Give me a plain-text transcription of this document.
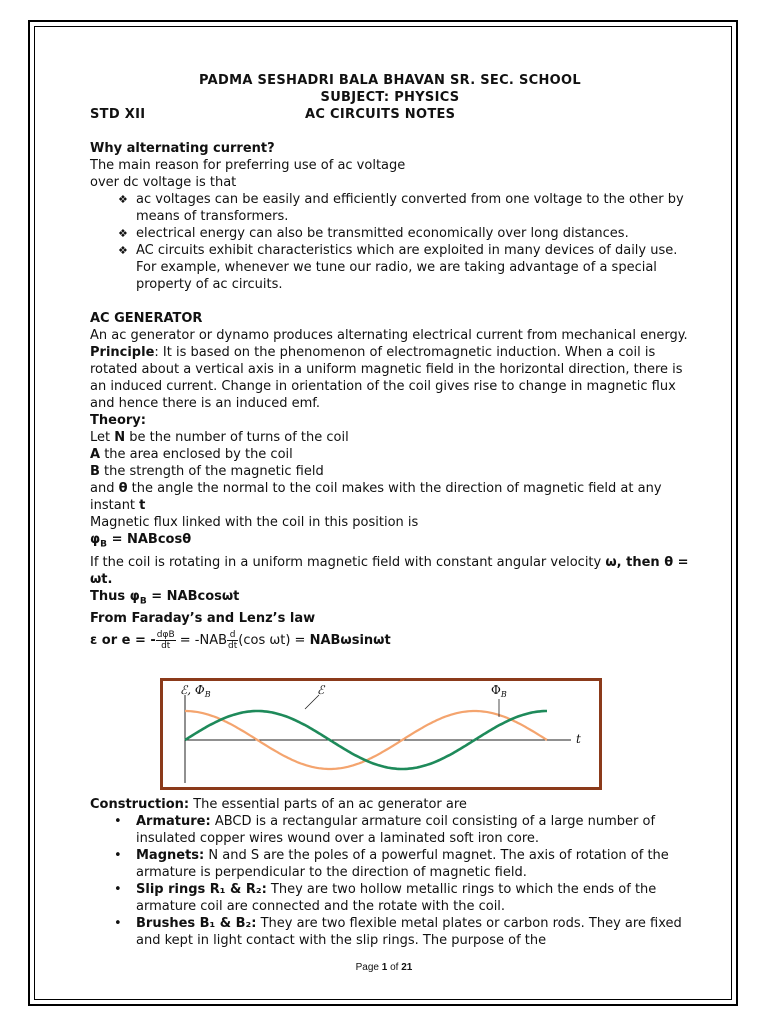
PADMA SESHADRI BALA BHAVAN SR. SEC. SCHOOL
SUBJECT: PHYSICS
STD XII	AC CIRCUITS NOTES
Why alternating current?

The main reason for preferring use of ac voltage

over dc voltage is that

❖ ac voltages can be easily and efficiently converted from one voltage to the other by means of transformers.
❖ electrical energy can also be transmitted economically over long distances.
❖ AC circuits exhibit characteristics which are exploited in many devices of daily use. For example, whenever we tune our radio, we are taking advantage of a special property of ac circuits.
AC GENERATOR

An ac generator or dynamo produces alternating electrical current from mechanical energy.

Principle: It is based on the phenomenon of electromagnetic induction. When a coil is rotated about a vertical axis in a uniform magnetic field in the horizontal direction, there is an induced current. Change in orientation of the coil gives rise to change in magnetic flux and hence there is an induced emf.

Theory:

Let N be the number of turns of the coil

A the area enclosed by the coil

B the strength of the magnetic field

and θ the angle the normal to the coil makes with the direction of magnetic field at any instant t

Magnetic flux linked with the coil in this position is

$\varphi_B = NABcos\theta$

If the coil is rotating in a uniform magnetic field with constant angular velocity ω, then θ = ωt.

Thus $\varphi_B = NABcos\omega t$

From Faraday’s and Lenz’s law

ε or e = - $\frac{\text{dφB}}{dt} = -NAB \frac{d}{dt} (\cos$ ωt) = NABωsinωt

ℰ, $\Phi_B$	ℰ	$\Phi_B$
t

Construction: The essential parts of an ac generator are

• Armature: ABCD is a rectangular armature coil consisting of a large number of insulated copper wires wound over a laminated soft iron core.
• Magnets: N and S are the poles of a powerful magnet. The axis of rotation of the armature is perpendicular to the direction of magnetic field.
• Slip rings R₁ & R₂: They are two hollow metallic rings to which the ends of the armature coil are connected and the rotate with the coil.
• Brushes B₁ & B₂: They are two flexible metal plates or carbon rods. They are fixed and kept in light contact with the slip rings. The purpose of the
Page 1 of 21
